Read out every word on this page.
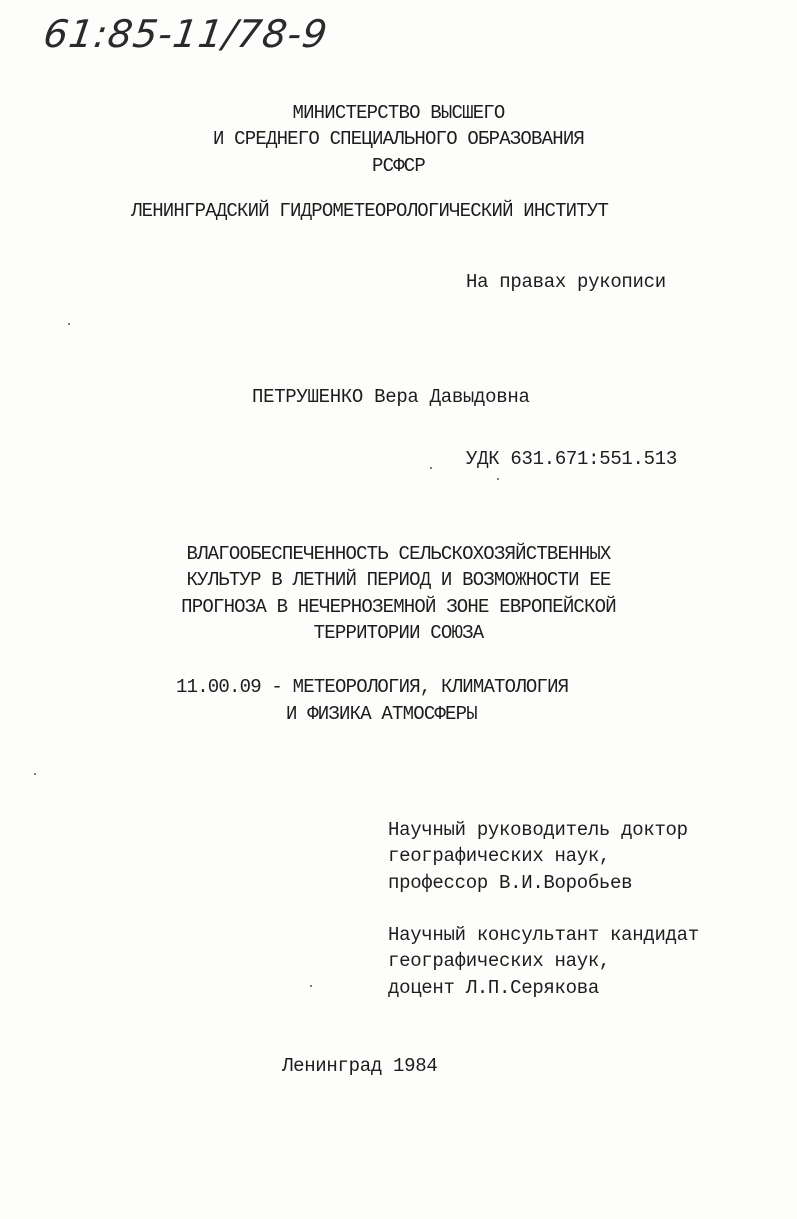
61:85-11/78-9
МИНИСТЕРСТВО ВЫСШЕГО
И СРЕДНЕГО СПЕЦИАЛЬНОГО ОБРАЗОВАНИЯ
РСФСР
ЛЕНИНГРАДСКИЙ ГИДРОМЕТЕОРОЛОГИЧЕСКИЙ ИНСТИТУТ
На правах рукописи
ПЕТРУШЕНКО Вера Давыдовна
УДК 631.671:551.513
ВЛАГООБЕСПЕЧЕННОСТЬ СЕЛЬСКОХОЗЯЙСТВЕННЫХ
КУЛЬТУР В ЛЕТНИЙ ПЕРИОД И ВОЗМОЖНОСТИ ЕЕ
ПРОГНОЗА В НЕЧЕРНОЗЕМНОЙ ЗОНЕ ЕВРОПЕЙСКОЙ
ТЕРРИТОРИИ СОЮЗА
11.00.09 - МЕТЕОРОЛОГИЯ, КЛИМАТОЛОГИЯ
И ФИЗИКА АТМОСФЕРЫ
Научный руководитель доктор
географических наук,
профессор В.И.Воробьев
Научный консультант кандидат
географических наук,
доцент Л.П.Серякова
Ленинград 1984
